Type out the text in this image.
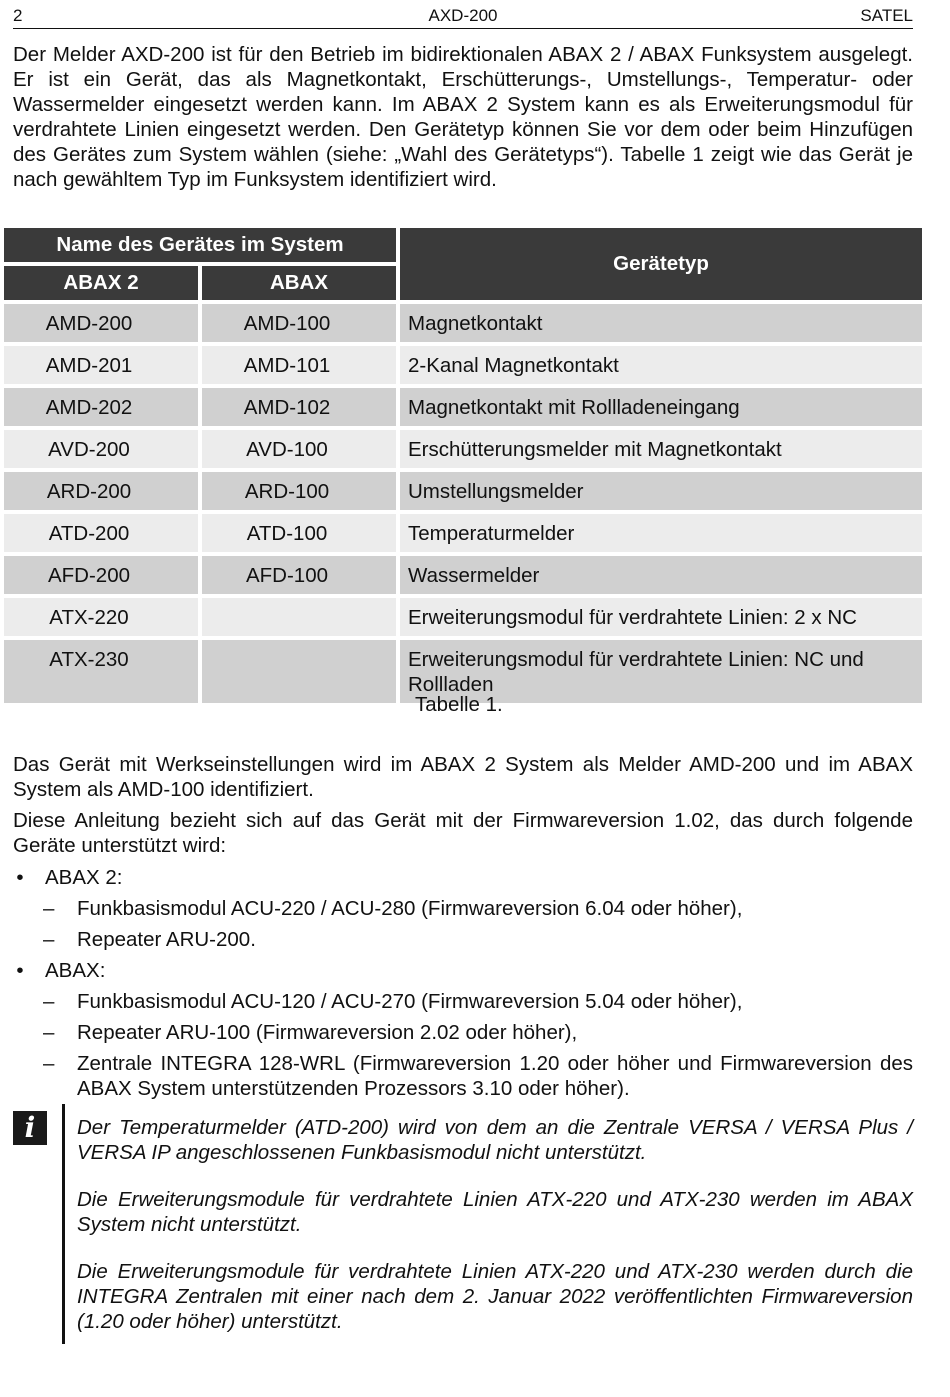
2	AXD-200	SATEL

Der Melder AXD-200 ist für den Betrieb im bidirektionalen ABAX 2 / ABAX Funksystem ausgelegt. Er ist ein Gerät, das als Magnetkontakt, Erschütterungs-, Umstellungs-, Temperatur- oder Wassermelder eingesetzt werden kann. Im ABAX 2 System kann es als Erweiterungsmodul für verdrahtete Linien eingesetzt werden. Den Gerätetyp können Sie vor dem oder beim Hinzufügen des Gerätes zum System wählen (siehe: „Wahl des Gerätetyps“). Tabelle 1 zeigt wie das Gerät je nach gewähltem Typ im Funksystem identifiziert wird.

Name des Gerätes im System		Gerätetyp
ABAX 2	ABAX	
AMD-200	AMD-100	Magnetkontakt
AMD-201	AMD-101	2-Kanal Magnetkontakt
AMD-202	AMD-102	Magnetkontakt mit Rollladeneingang
AVD-200	AVD-100	Erschütterungsmelder mit Magnetkontakt
ARD-200	ARD-100	Umstellungsmelder
ATD-200	ATD-100	Temperaturmelder
AFD-200	AFD-100	Wassermelder
ATX-220		Erweiterungsmodul für verdrahtete Linien: 2 x NC
ATX-230		Erweiterungsmodul für verdrahtete Linien: NC und Rollladen
Tabelle 1.

Das Gerät mit Werkseinstellungen wird im ABAX 2 System als Melder AMD-200 und im ABAX System als AMD-100 identifiziert.

Diese Anleitung bezieht sich auf das Gerät mit der Firmwareversion 1.02, das durch folgende Geräte unterstützt wird:

• ABAX 2:
– Funkbasismodul ACU-220 / ACU-280 (Firmwareversion 6.04 oder höher),
– Repeater ARU-200.
• ABAX:
– Funkbasismodul ACU-120 / ACU-270 (Firmwareversion 5.04 oder höher),
– Repeater ARU-100 (Firmwareversion 2.02 oder höher),
– Zentrale INTEGRA 128-WRL (Firmwareversion 1.20 oder höher und Firmwareversion des ABAX System unterstützenden Prozessors 3.10 oder höher).
i	Der Temperaturmelder (ATD-200) wird von dem an die Zentrale VERSA / VERSA Plus / VERSA IP angeschlossenen Funkbasismodul nicht unterstützt.

Die Erweiterungsmodule für verdrahtete Linien ATX-220 und ATX-230 werden im ABAX System nicht unterstützt.

Die Erweiterungsmodule für verdrahtete Linien ATX-220 und ATX-230 werden durch die INTEGRA Zentralen mit einer nach dem 2. Januar 2022 veröffentlichten Firmwareversion (1.20 oder höher) unterstützt.
